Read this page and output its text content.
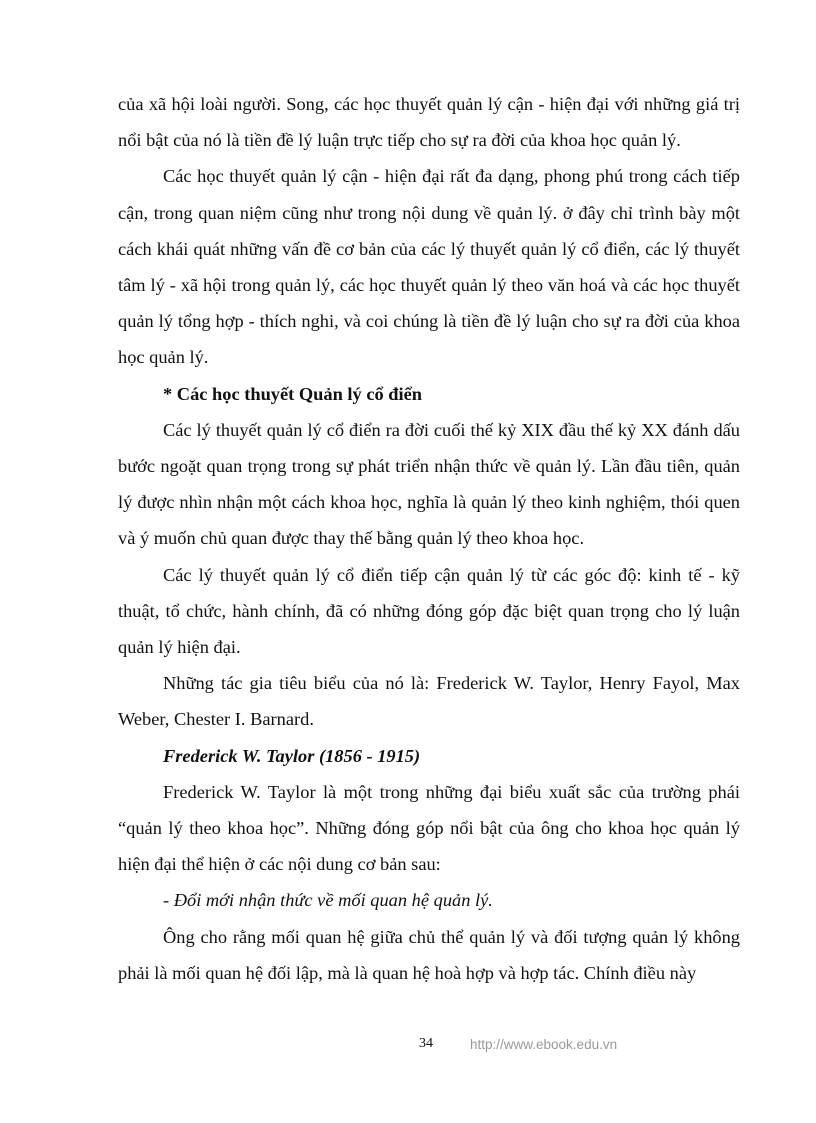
của xã hội loài người. Song, các học thuyết quản lý cận - hiện đại với những giá trị nổi bật của nó là tiền đề lý luận trực tiếp cho sự ra đời của khoa học quản lý.

Các học thuyết quản lý cận - hiện đại rất đa dạng, phong phú trong cách tiếp cận, trong quan niệm cũng như trong nội dung về quản lý. ở đây chỉ trình bày một cách khái quát những vấn đề cơ bản của các lý thuyết quản lý cổ điển, các lý thuyết tâm lý - xã hội trong quản lý, các học thuyết quản lý theo văn hoá và các học thuyết quản lý tổng hợp - thích nghi, và coi chúng là tiền đề lý luận cho sự ra đời của khoa học quản lý.

* Các học thuyết Quản lý cổ điển

Các lý thuyết quản lý cổ điển ra đời cuối thế kỷ XIX đầu thế kỷ XX đánh dấu bước ngoặt quan trọng trong sự phát triển nhận thức về quản lý. Lần đầu tiên, quản lý được nhìn nhận một cách khoa học, nghĩa là quản lý theo kinh nghiệm, thói quen và ý muốn chủ quan được thay thế bằng quản lý theo khoa học.

Các lý thuyết quản lý cổ điển tiếp cận quản lý từ các góc độ: kinh tế - kỹ thuật, tổ chức, hành chính, đã có những đóng góp đặc biệt quan trọng cho lý luận quản lý hiện đại.

Những tác gia tiêu biểu của nó là: Frederick W. Taylor, Henry Fayol, Max Weber, Chester I. Barnard.

Frederick W. Taylor (1856 - 1915)

Frederick W. Taylor là một trong những đại biểu xuất sắc của trường phái “quản lý theo khoa học”. Những đóng góp nổi bật của ông cho khoa học quản lý hiện đại thể hiện ở các nội dung cơ bản sau:

- Đổi mới nhận thức về mối quan hệ quản lý.

Ông cho rằng mối quan hệ giữa chủ thể quản lý và đối tượng quản lý không phải là mối quan hệ đối lập, mà là quan hệ hoà hợp và hợp tác. Chính điều này

34	http://www.ebook.edu.vn
